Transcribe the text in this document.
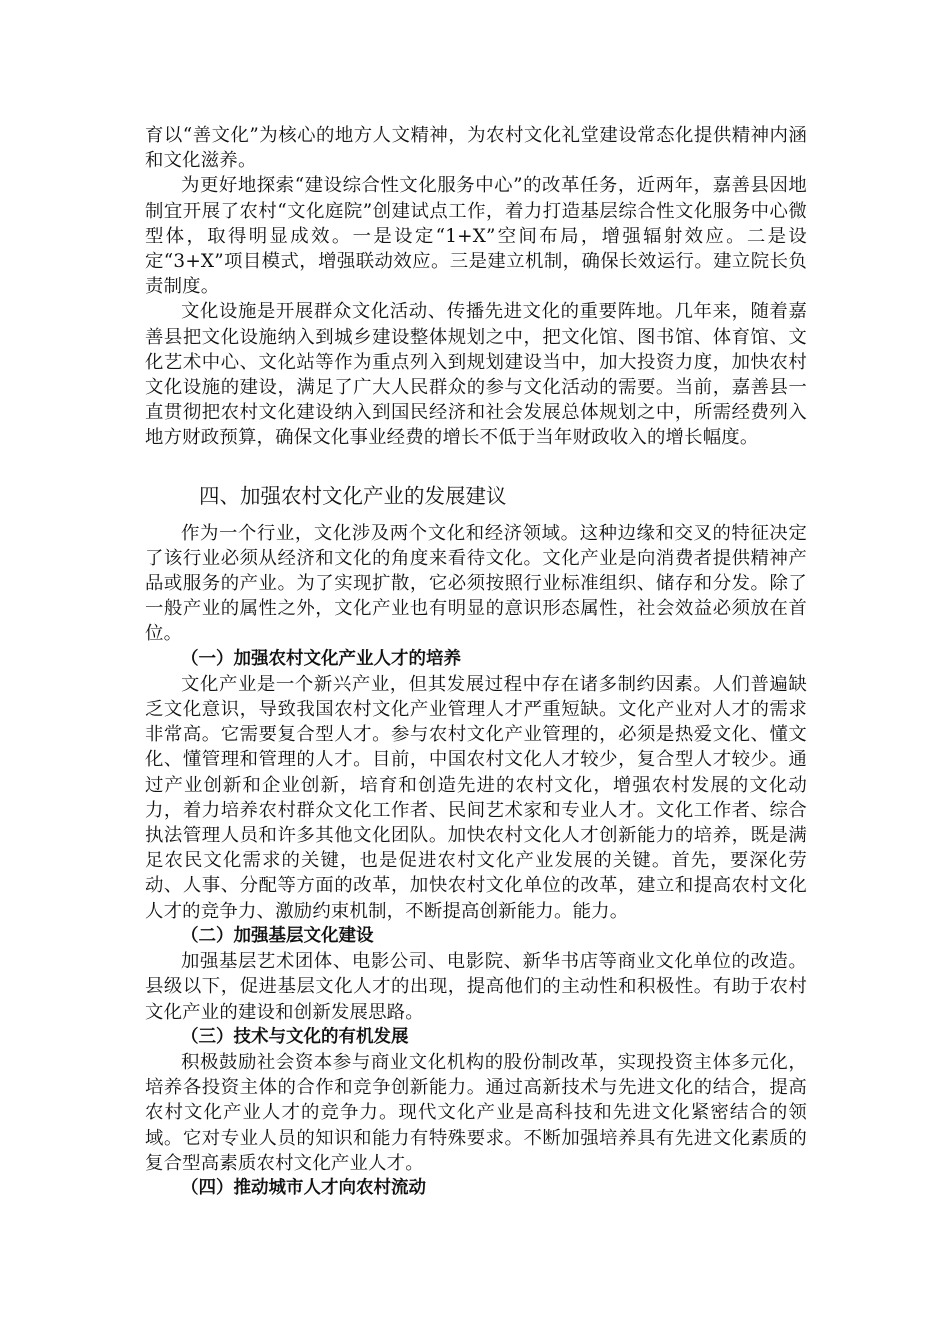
育以“善文化”为核心的地方人文精神，为农村文化礼堂建设常态化提供精神内涵和文化滋养。

为更好地探索“建设综合性文化服务中心”的改革任务，近两年，嘉善县因地制宜开展了农村“文化庭院”创建试点工作，着力打造基层综合性文化服务中心微型体，取得明显成效。一是设定“1+X”空间布局，增强辐射效应。二是设定“3+X”项目模式，增强联动效应。三是建立机制，确保长效运行。建立院长负责制度。

文化设施是开展群众文化活动、传播先进文化的重要阵地。几年来，随着嘉善县把文化设施纳入到城乡建设整体规划之中，把文化馆、图书馆、体育馆、文化艺术中心、文化站等作为重点列入到规划建设当中，加大投资力度，加快农村文化设施的建设，满足了广大人民群众的参与文化活动的需要。当前，嘉善县一直贯彻把农村文化建设纳入到国民经济和社会发展总体规划之中，所需经费列入地方财政预算，确保文化事业经费的增长不低于当年财政收入的增长幅度。

四、加强农村文化产业的发展建议

作为一个行业，文化涉及两个文化和经济领域。这种边缘和交叉的特征决定了该行业必须从经济和文化的角度来看待文化。文化产业是向消费者提供精神产品或服务的产业。为了实现扩散，它必须按照行业标准组织、储存和分发。除了一般产业的属性之外，文化产业也有明显的意识形态属性，社会效益必须放在首位。

（一）加强农村文化产业人才的培养

文化产业是一个新兴产业，但其发展过程中存在诸多制约因素。人们普遍缺乏文化意识，导致我国农村文化产业管理人才严重短缺。文化产业对人才的需求非常高。它需要复合型人才。参与农村文化产业管理的，必须是热爱文化、懂文化、懂管理和管理的人才。目前，中国农村文化人才较少，复合型人才较少。通过产业创新和企业创新，培育和创造先进的农村文化，增强农村发展的文化动力，着力培养农村群众文化工作者、民间艺术家和专业人才。文化工作者、综合执法管理人员和许多其他文化团队。加快农村文化人才创新能力的培养，既是满足农民文化需求的关键，也是促进农村文化产业发展的关键。首先，要深化劳动、人事、分配等方面的改革，加快农村文化单位的改革，建立和提高农村文化人才的竞争力、激励约束机制，不断提高创新能力。能力。

（二）加强基层文化建设

加强基层艺术团体、电影公司、电影院、新华书店等商业文化单位的改造。县级以下，促进基层文化人才的出现，提高他们的主动性和积极性。有助于农村文化产业的建设和创新发展思路。

（三）技术与文化的有机发展

积极鼓励社会资本参与商业文化机构的股份制改革，实现投资主体多元化，培养各投资主体的合作和竞争创新能力。通过高新技术与先进文化的结合，提高农村文化产业人才的竞争力。现代文化产业是高科技和先进文化紧密结合的领域。它对专业人员的知识和能力有特殊要求。不断加强培养具有先进文化素质的复合型高素质农村文化产业人才。

（四）推动城市人才向农村流动
